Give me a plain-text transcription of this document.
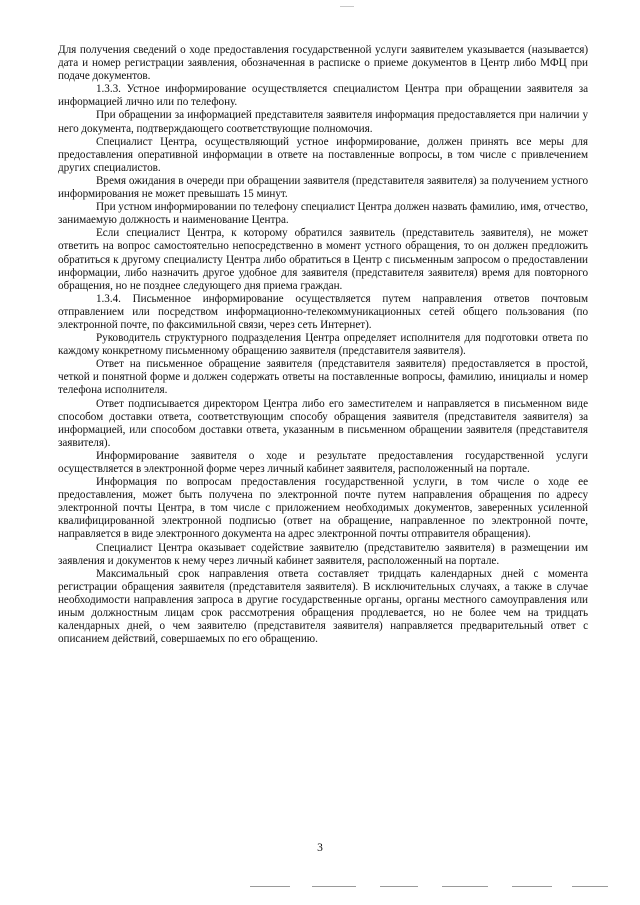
Для получения сведений о ходе предоставления государственной услуги заявителем указывается (называется) дата и номер регистрации заявления, обозначенная в расписке о приеме документов в Центр либо МФЦ при подаче документов.

1.3.3. Устное информирование осуществляется специалистом Центра при обращении заявителя за информацией лично или по телефону.

При обращении за информацией представителя заявителя информация предоставляется при наличии у него документа, подтверждающего соответствующие полномочия.

Специалист Центра, осуществляющий устное информирование, должен принять все меры для предоставления оперативной информации в ответе на поставленные вопросы, в том числе с привлечением других специалистов.

Время ожидания в очереди при обращении заявителя (представителя заявителя) за получением устного информирования не может превышать 15 минут.

При устном информировании по телефону специалист Центра должен назвать фамилию, имя, отчество, занимаемую должность и наименование Центра.

Если специалист Центра, к которому обратился заявитель (представитель заявителя), не может ответить на вопрос самостоятельно непосредственно в момент устного обращения, то он должен предложить обратиться к другому специалисту Центра либо обратиться в Центр с письменным запросом о предоставлении информации, либо назначить другое удобное для заявителя (представителя заявителя) время для повторного обращения, но не позднее следующего дня приема граждан.

1.3.4. Письменное информирование осуществляется путем направления ответов почтовым отправлением или посредством информационно-телекоммуникационных сетей общего пользования (по электронной почте, по факсимильной связи, через сеть Интернет).

Руководитель структурного подразделения Центра определяет исполнителя для подготовки ответа по каждому конкретному письменному обращению заявителя (представителя заявителя).

Ответ на письменное обращение заявителя (представителя заявителя) предоставляется в простой, четкой и понятной форме и должен содержать ответы на поставленные вопросы, фамилию, инициалы и номер телефона исполнителя.

Ответ подписывается директором Центра либо его заместителем и направляется в письменном виде способом доставки ответа, соответствующим способу обращения заявителя (представителя заявителя) за информацией, или способом доставки ответа, указанным в письменном обращении заявителя (представителя заявителя).

Информирование заявителя о ходе и результате предоставления государственной услуги осуществляется в электронной форме через личный кабинет заявителя, расположенный на портале.

Информация по вопросам предоставления государственной услуги, в том числе о ходе ее предоставления, может быть получена по электронной почте путем направления обращения по адресу электронной почты Центра, в том числе с приложением необходимых документов, заверенных усиленной квалифицированной электронной подписью (ответ на обращение, направленное по электронной почте, направляется в виде электронного документа на адрес электронной почты отправителя обращения).

Специалист Центра оказывает содействие заявителю (представителю заявителя) в размещении им заявления и документов к нему через личный кабинет заявителя, расположенный на портале.

Максимальный срок направления ответа составляет тридцать календарных дней с момента регистрации обращения заявителя (представителя заявителя). В исключительных случаях, а также в случае необходимости направления запроса в другие государственные органы, органы местного самоуправления или иным должностным лицам срок рассмотрения обращения продлевается, но не более чем на тридцать календарных дней, о чем заявителю (представителя заявителя) направляется предварительный ответ с описанием действий, совершаемых по его обращению.

3
